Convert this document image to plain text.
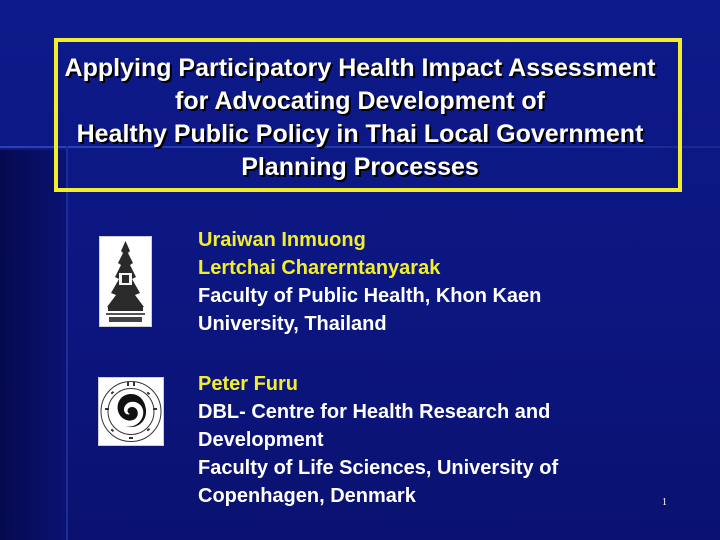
Applying Participatory Health Impact Assessment
for Advocating Development of
Healthy Public Policy in Thai Local Government
Planning Processes
Uraiwan Inmuong
Lertchai Charerntanyarak
Faculty of Public Health, Khon Kaen
University, Thailand
Peter Furu
DBL- Centre for Health Research and
Development
Faculty of Life Sciences, University of
Copenhagen, Denmark	1
